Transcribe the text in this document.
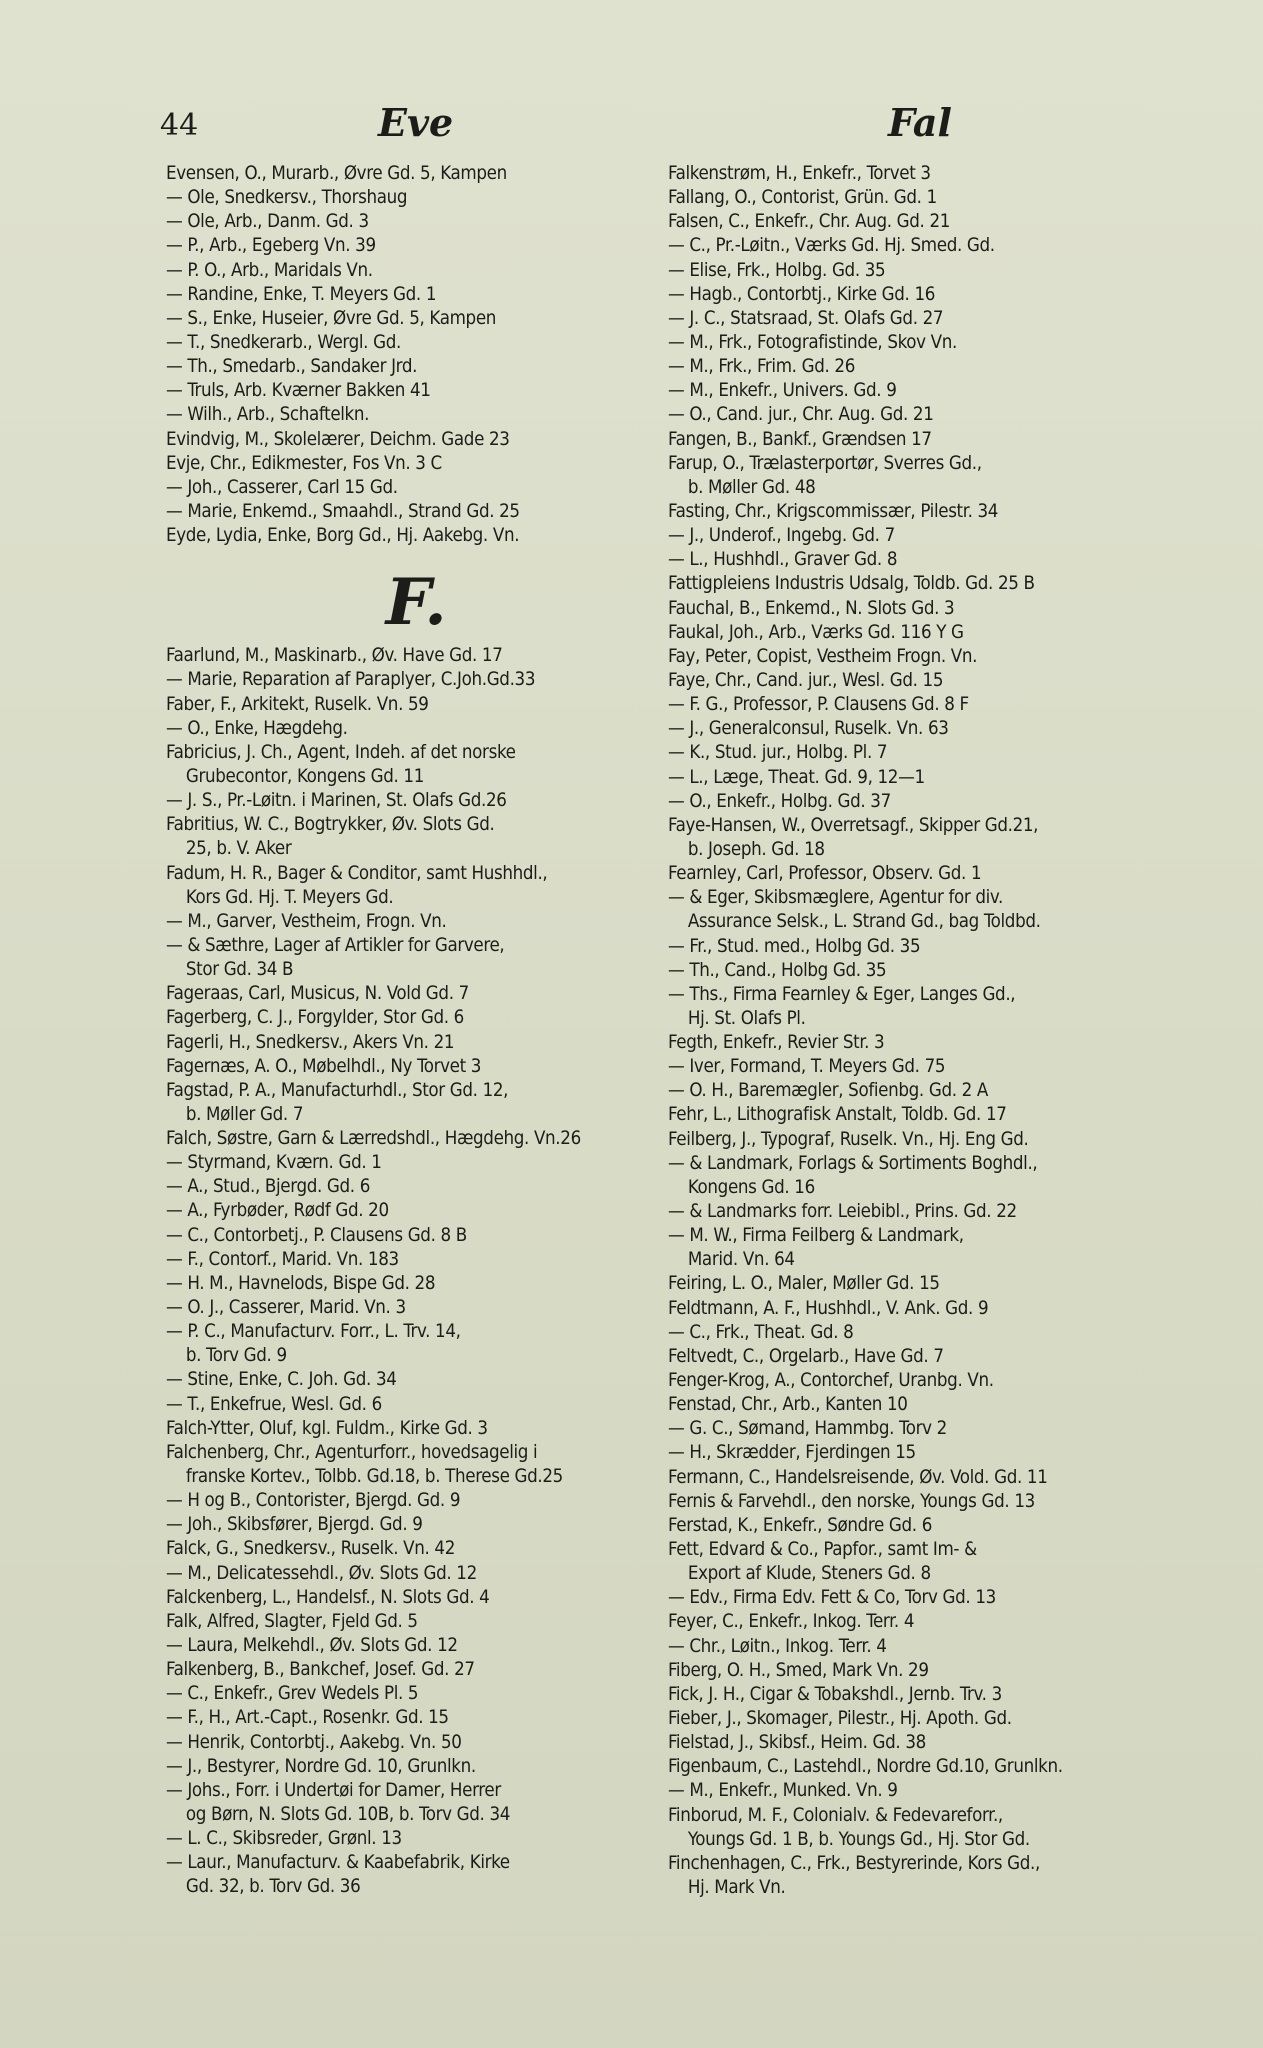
44	Eve	Fal
Evensen, O., Murarb., Øvre Gd. 5, Kampen
— Ole, Snedkersv., Thorshaug
— Ole, Arb., Danm. Gd. 3
— P., Arb., Egeberg Vn. 39
— P. O., Arb., Maridals Vn.
— Randine, Enke, T. Meyers Gd. 1
— S., Enke, Huseier, Øvre Gd. 5, Kampen
— T., Snedkerarb., Wergl. Gd.
— Th., Smedarb., Sandaker Jrd.
— Truls, Arb. Kværner Bakken 41
— Wilh., Arb., Schaftelkn.
Evindvig, M., Skolelærer, Deichm. Gade 23
Evje, Chr., Edikmester, Fos Vn. 3 C
— Joh., Casserer, Carl 15 Gd.
— Marie, Enkemd., Smaahdl., Strand Gd. 25
Eyde, Lydia, Enke, Borg Gd., Hj. Aakebg. Vn.
F.
Faarlund, M., Maskinarb., Øv. Have Gd. 17
— Marie, Reparation af Paraplyer, C.Joh.Gd.33
Faber, F., Arkitekt, Ruselk. Vn. 59
— O., Enke, Hægdehg.
Fabricius, J. Ch., Agent, Indeh. af det norske
Grubecontor, Kongens Gd. 11
— J. S., Pr.-Løitn. i Marinen, St. Olafs Gd.26
Fabritius, W. C., Bogtrykker, Øv. Slots Gd.
25, b. V. Aker
Fadum, H. R., Bager & Conditor, samt Hushhdl.,
Kors Gd. Hj. T. Meyers Gd.
— M., Garver, Vestheim, Frogn. Vn.
— & Sæthre, Lager af Artikler for Garvere,
Stor Gd. 34 B
Fageraas, Carl, Musicus, N. Vold Gd. 7
Fagerberg, C. J., Forgylder, Stor Gd. 6
Fagerli, H., Snedkersv., Akers Vn. 21
Fagernæs, A. O., Møbelhdl., Ny Torvet 3
Fagstad, P. A., Manufacturhdl., Stor Gd. 12,
b. Møller Gd. 7
Falch, Søstre, Garn & Lærredshdl., Hægdehg. Vn.26
— Styrmand, Kværn. Gd. 1
— A., Stud., Bjergd. Gd. 6
— A., Fyrbøder, Rødf Gd. 20
— C., Contorbetj., P. Clausens Gd. 8 B
— F., Contorf., Marid. Vn. 183
— H. M., Havnelods, Bispe Gd. 28
— O. J., Casserer, Marid. Vn. 3
— P. C., Manufacturv. Forr., L. Trv. 14,
b. Torv Gd. 9
— Stine, Enke, C. Joh. Gd. 34
— T., Enkefrue, Wesl. Gd. 6
Falch-Ytter, Oluf, kgl. Fuldm., Kirke Gd. 3
Falchenberg, Chr., Agenturforr., hovedsagelig i
franske Kortev., Tolbb. Gd.18, b. Therese Gd.25
— H og B., Contorister, Bjergd. Gd. 9
— Joh., Skibsfører, Bjergd. Gd. 9
Falck, G., Snedkersv., Ruselk. Vn. 42
— M., Delicatessehdl., Øv. Slots Gd. 12
Falckenberg, L., Handelsf., N. Slots Gd. 4
Falk, Alfred, Slagter, Fjeld Gd. 5
— Laura, Melkehdl., Øv. Slots Gd. 12
Falkenberg, B., Bankchef, Josef. Gd. 27
— C., Enkefr., Grev Wedels Pl. 5
— F., H., Art.-Capt., Rosenkr. Gd. 15
— Henrik, Contorbtj., Aakebg. Vn. 50
— J., Bestyrer, Nordre Gd. 10, Grunlkn.
— Johs., Forr. i Undertøi for Damer, Herrer
og Børn, N. Slots Gd. 10B, b. Torv Gd. 34
— L. C., Skibsreder, Grønl. 13
— Laur., Manufacturv. & Kaabefabrik, Kirke
Gd. 32, b. Torv Gd. 36
Falkenstrøm, H., Enkefr., Torvet 3
Fallang, O., Contorist, Grün. Gd. 1
Falsen, C., Enkefr., Chr. Aug. Gd. 21
— C., Pr.-Løitn., Værks Gd. Hj. Smed. Gd.
— Elise, Frk., Holbg. Gd. 35
— Hagb., Contorbtj., Kirke Gd. 16
— J. C., Statsraad, St. Olafs Gd. 27
— M., Frk., Fotografistinde, Skov Vn.
— M., Frk., Frim. Gd. 26
— M., Enkefr., Univers. Gd. 9
— O., Cand. jur., Chr. Aug. Gd. 21
Fangen, B., Bankf., Grændsen 17
Farup, O., Trælasterportør, Sverres Gd.,
b. Møller Gd. 48
Fasting, Chr., Krigscommissær, Pilestr. 34
— J., Underof., Ingebg. Gd. 7
— L., Hushhdl., Graver Gd. 8
Fattigpleiens Industris Udsalg, Toldb. Gd. 25 B
Fauchal, B., Enkemd., N. Slots Gd. 3
Faukal, Joh., Arb., Værks Gd. 116 Y G
Fay, Peter, Copist, Vestheim Frogn. Vn.
Faye, Chr., Cand. jur., Wesl. Gd. 15
— F. G., Professor, P. Clausens Gd. 8 F
— J., Generalconsul, Ruselk. Vn. 63
— K., Stud. jur., Holbg. Pl. 7
— L., Læge, Theat. Gd. 9, 12—1
— O., Enkefr., Holbg. Gd. 37
Faye-Hansen, W., Overretsagf., Skipper Gd.21,
b. Joseph. Gd. 18
Fearnley, Carl, Professor, Observ. Gd. 1
— & Eger, Skibsmæglere, Agentur for div.
Assurance Selsk., L. Strand Gd., bag Toldbd.
— Fr., Stud. med., Holbg Gd. 35
— Th., Cand., Holbg Gd. 35
— Ths., Firma Fearnley & Eger, Langes Gd.,
Hj. St. Olafs Pl.
Fegth, Enkefr., Revier Str. 3
— Iver, Formand, T. Meyers Gd. 75
— O. H., Baremægler, Sofienbg. Gd. 2 A
Fehr, L., Lithografisk Anstalt, Toldb. Gd. 17
Feilberg, J., Typograf, Ruselk. Vn., Hj. Eng Gd.
— & Landmark, Forlags & Sortiments Boghdl.,
Kongens Gd. 16
— & Landmarks forr. Leiebibl., Prins. Gd. 22
— M. W., Firma Feilberg & Landmark,
Marid. Vn. 64
Feiring, L. O., Maler, Møller Gd. 15
Feldtmann, A. F., Hushhdl., V. Ank. Gd. 9
— C., Frk., Theat. Gd. 8
Feltvedt, C., Orgelarb., Have Gd. 7
Fenger-Krog, A., Contorchef, Uranbg. Vn.
Fenstad, Chr., Arb., Kanten 10
— G. C., Sømand, Hammbg. Torv 2
— H., Skrædder, Fjerdingen 15
Fermann, C., Handelsreisende, Øv. Vold. Gd. 11
Fernis & Farvehdl., den norske, Youngs Gd. 13
Ferstad, K., Enkefr., Søndre Gd. 6
Fett, Edvard & Co., Papfor., samt Im- &
Export af Klude, Steners Gd. 8
— Edv., Firma Edv. Fett & Co, Torv Gd. 13
Feyer, C., Enkefr., Inkog. Terr. 4
— Chr., Løitn., Inkog. Terr. 4
Fiberg, O. H., Smed, Mark Vn. 29
Fick, J. H., Cigar & Tobakshdl., Jernb. Trv. 3
Fieber, J., Skomager, Pilestr., Hj. Apoth. Gd.
Fielstad, J., Skibsf., Heim. Gd. 38
Figenbaum, C., Lastehdl., Nordre Gd.10, Grunlkn.
— M., Enkefr., Munked. Vn. 9
Finborud, M. F., Colonialv. & Fedevareforr.,
Youngs Gd. 1 B, b. Youngs Gd., Hj. Stor Gd.
Finchenhagen, C., Frk., Bestyrerinde, Kors Gd.,
Hj. Mark Vn.
